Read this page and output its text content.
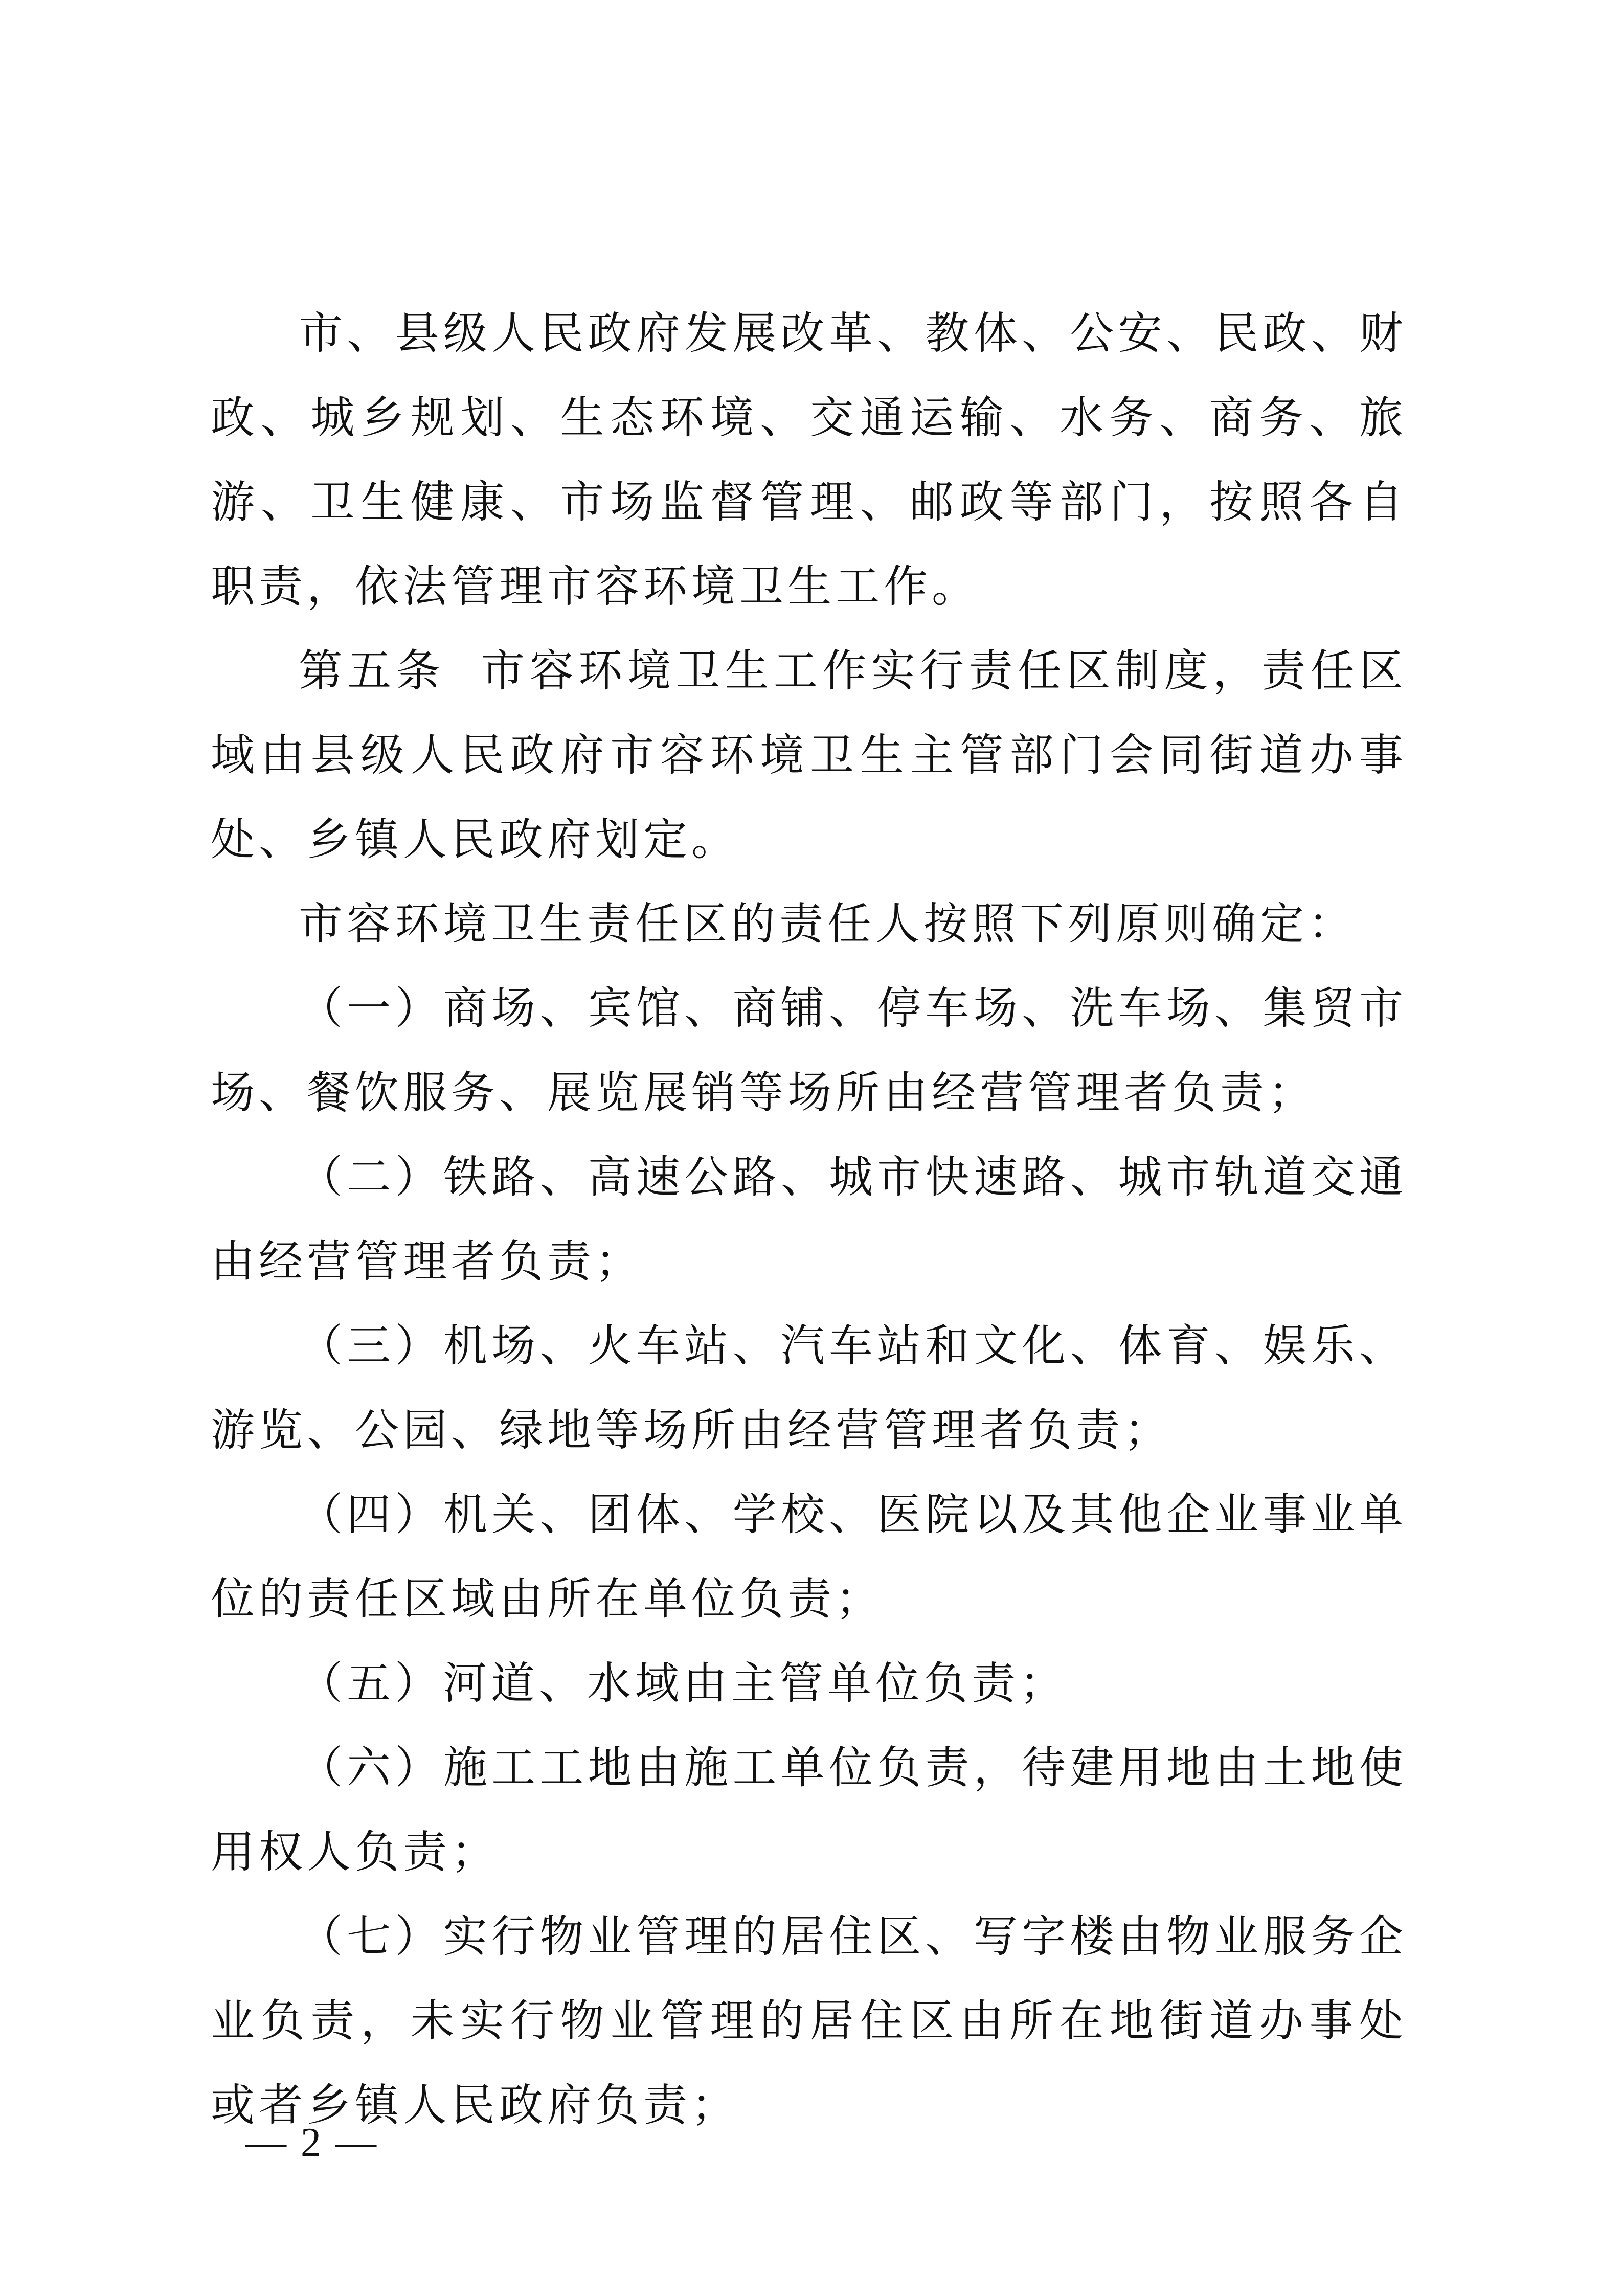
市、县级人民政府发展改革、教体、公安、民政、财政、城乡规划、生态环境、交通运输、水务、商务、旅游、卫生健康、市场监督管理、邮政等部门，按照各自职责，依法管理市容环境卫生工作。

第五条 市容环境卫生工作实行责任区制度，责任区域由县级人民政府市容环境卫生主管部门会同街道办事处、乡镇人民政府划定。

市容环境卫生责任区的责任人按照下列原则确定：

（一）商场、宾馆、商铺、停车场、洗车场、集贸市场、餐饮服务、展览展销等场所由经营管理者负责；

（二）铁路、高速公路、城市快速路、城市轨道交通由经营管理者负责；

（三）机场、火车站、汽车站和文化、体育、娱乐、游览、公园、绿地等场所由经营管理者负责；

（四）机关、团体、学校、医院以及其他企业事业单位的责任区域由所在单位负责；

（五）河道、水域由主管单位负责；

（六）施工工地由施工单位负责，待建用地由土地使用权人负责；

（七）实行物业管理的居住区、写字楼由物业服务企业负责，未实行物业管理的居住区由所在地街道办事处或者乡镇人民政府负责；

— 2 —
